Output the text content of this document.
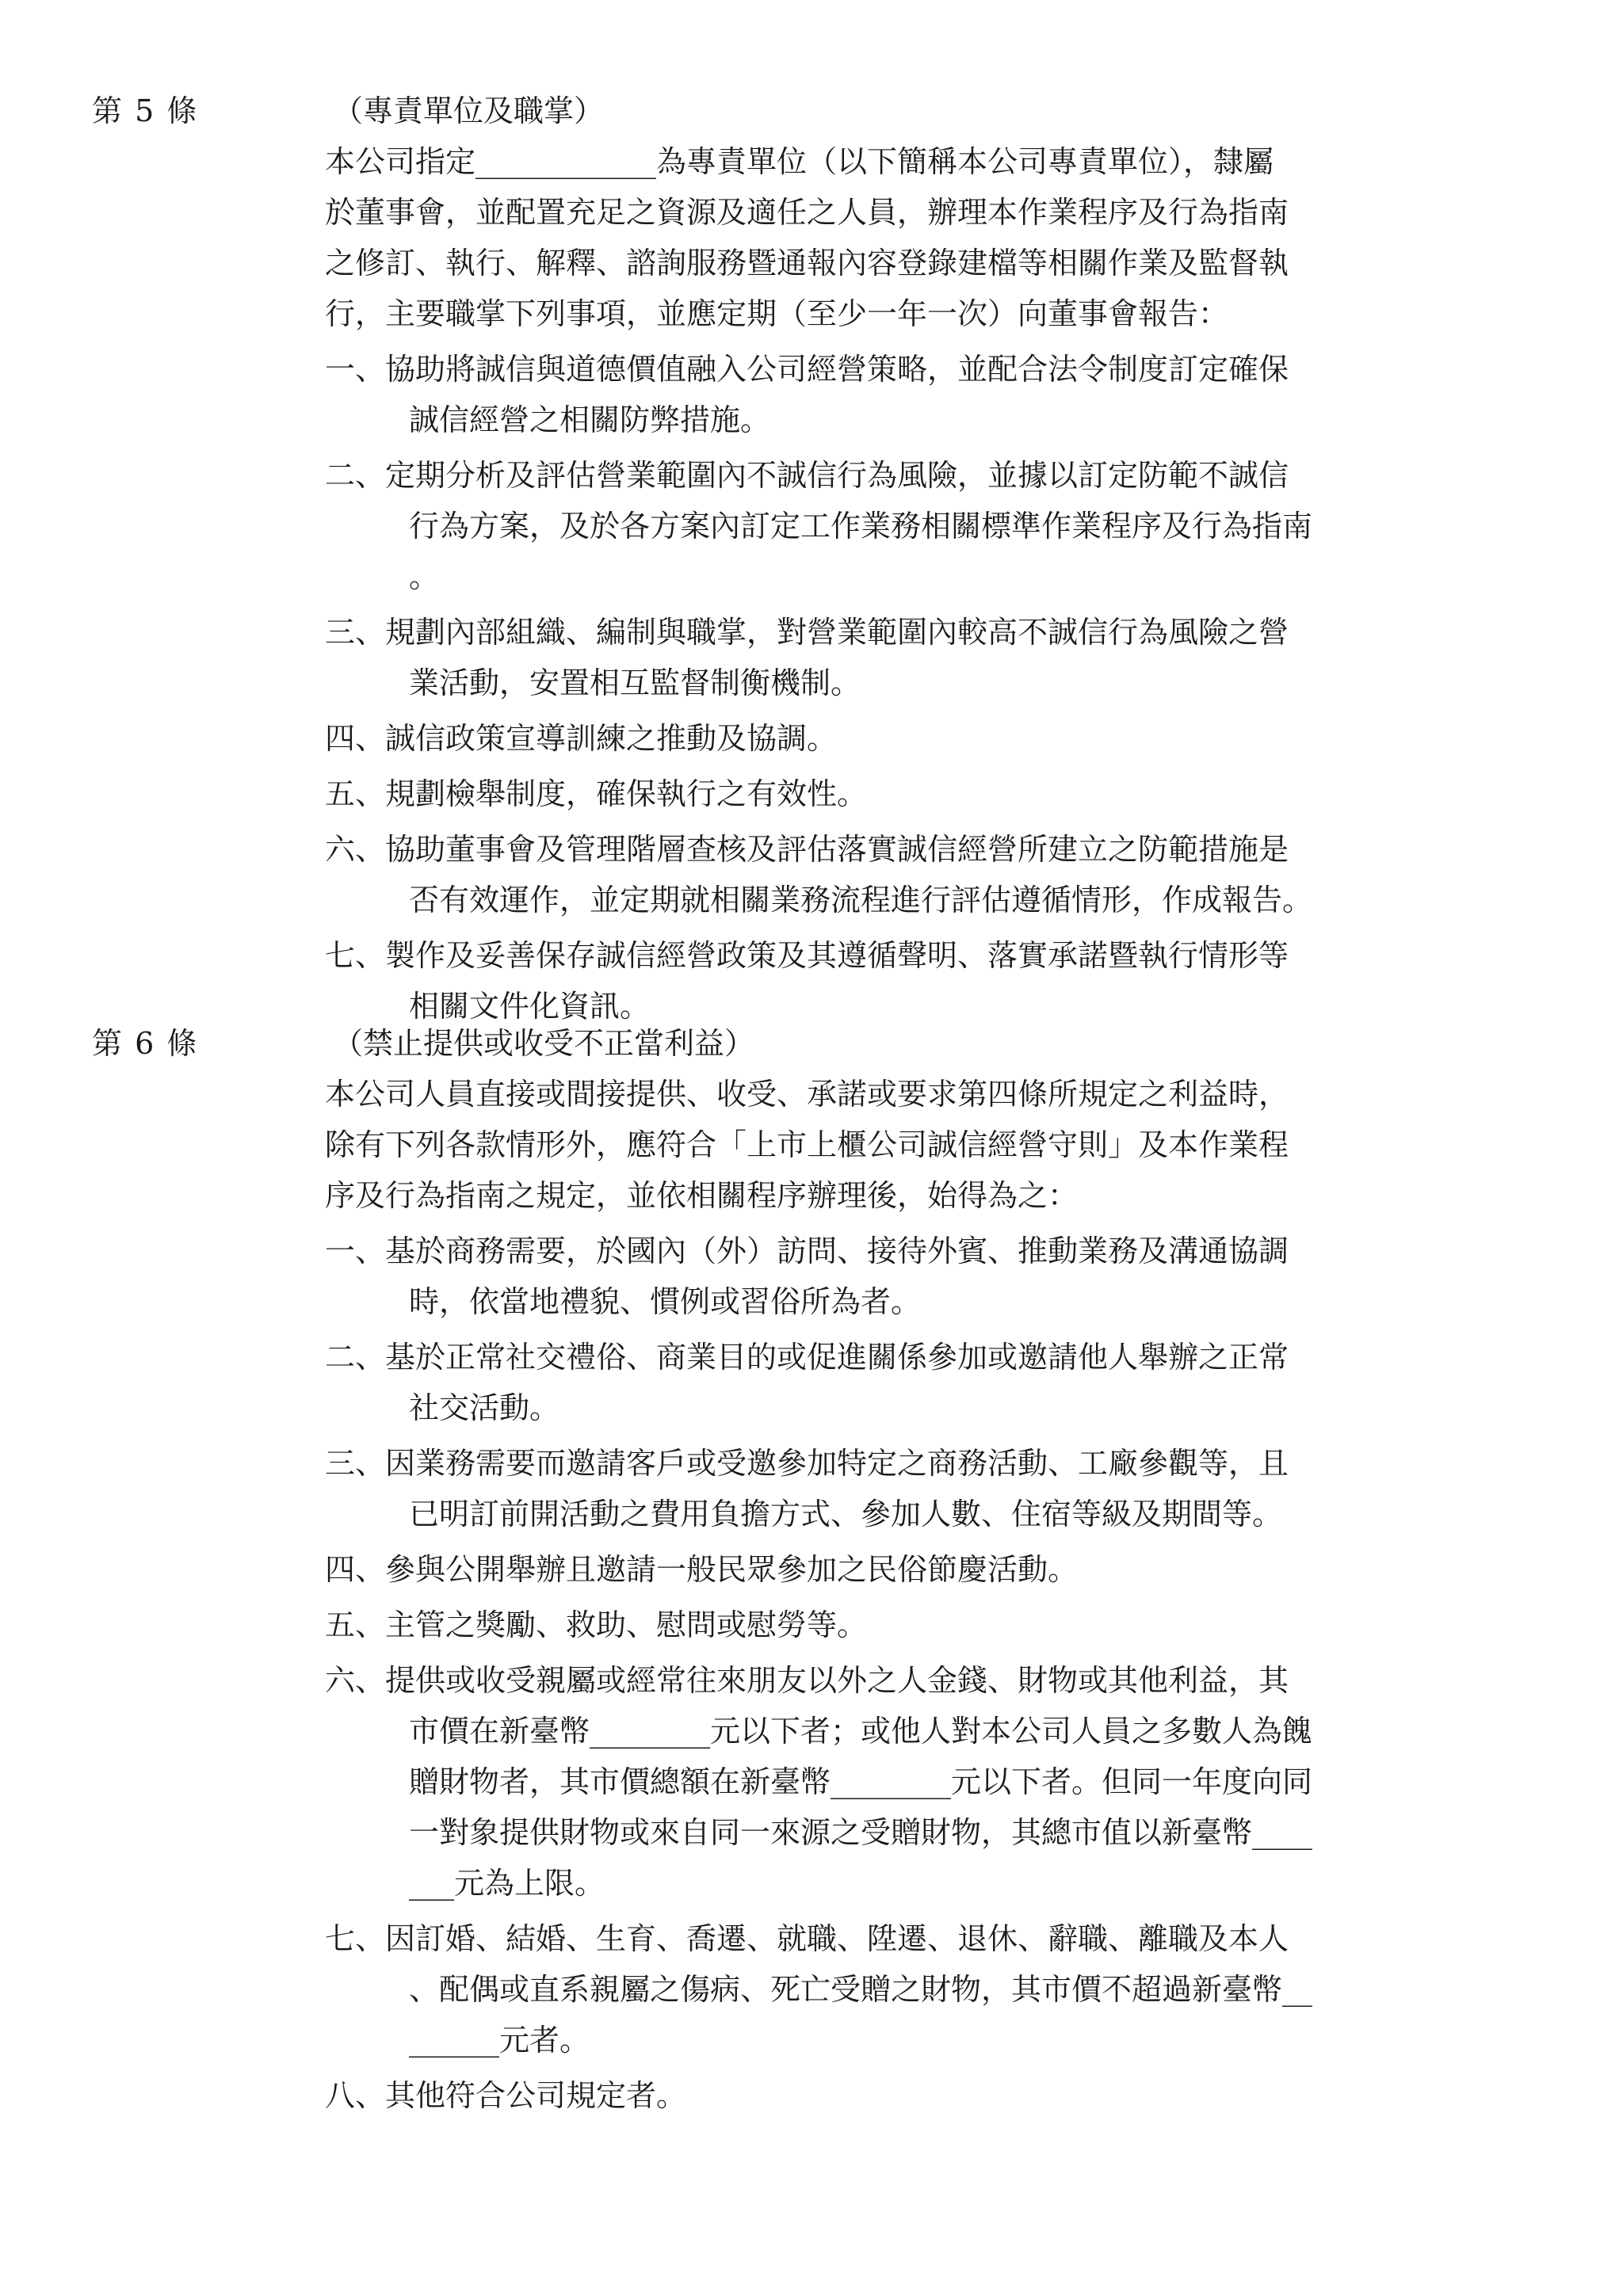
第 5 條	（專責單位及職掌）
本公司指定____________為專責單位（以下簡稱本公司專責單位），隸屬
於董事會，並配置充足之資源及適任之人員，辦理本作業程序及行為指南
之修訂、執行、解釋、諮詢服務暨通報內容登錄建檔等相關作業及監督執
行，主要職掌下列事項，並應定期（至少一年一次）向董事會報告：
一、 協助將誠信與道德價值融入公司經營策略，並配合法令制度訂定確保
誠信經營之相關防弊措施。
二、 定期分析及評估營業範圍內不誠信行為風險，並據以訂定防範不誠信
行為方案，及於各方案內訂定工作業務相關標準作業程序及行為指南
。
三、 規劃內部組織、編制與職掌，對營業範圍內較高不誠信行為風險之營
業活動，安置相互監督制衡機制。
四、 誠信政策宣導訓練之推動及協調。
五、 規劃檢舉制度，確保執行之有效性。
六、 協助董事會及管理階層查核及評估落實誠信經營所建立之防範措施是
否有效運作，並定期就相關業務流程進行評估遵循情形，作成報告。
七、 製作及妥善保存誠信經營政策及其遵循聲明、落實承諾暨執行情形等
相關文件化資訊。
第 6 條	（禁止提供或收受不正當利益）
本公司人員直接或間接提供、收受、承諾或要求第四條所規定之利益時，
除有下列各款情形外，應符合「上市上櫃公司誠信經營守則」及本作業程
序及行為指南之規定，並依相關程序辦理後，始得為之：
一、 基於商務需要，於國內（外）訪問、接待外賓、推動業務及溝通協調
時，依當地禮貌、慣例或習俗所為者。
二、 基於正常社交禮俗、商業目的或促進關係參加或邀請他人舉辦之正常
社交活動。
三、 因業務需要而邀請客戶或受邀參加特定之商務活動、工廠參觀等，且
已明訂前開活動之費用負擔方式、參加人數、住宿等級及期間等。
四、 參與公開舉辦且邀請一般民眾參加之民俗節慶活動。
五、 主管之獎勵、救助、慰問或慰勞等。
六、 提供或收受親屬或經常往來朋友以外之人金錢、財物或其他利益，其
市價在新臺幣________元以下者；或他人對本公司人員之多數人為餽
贈財物者，其市價總額在新臺幣________元以下者。但同一年度向同
一對象提供財物或來自同一來源之受贈財物，其總市值以新臺幣____
___元為上限。
七、 因訂婚、結婚、生育、喬遷、就職、陞遷、退休、辭職、離職及本人
、配偶或直系親屬之傷病、死亡受贈之財物，其市價不超過新臺幣__
______元者。
八、 其他符合公司規定者。
